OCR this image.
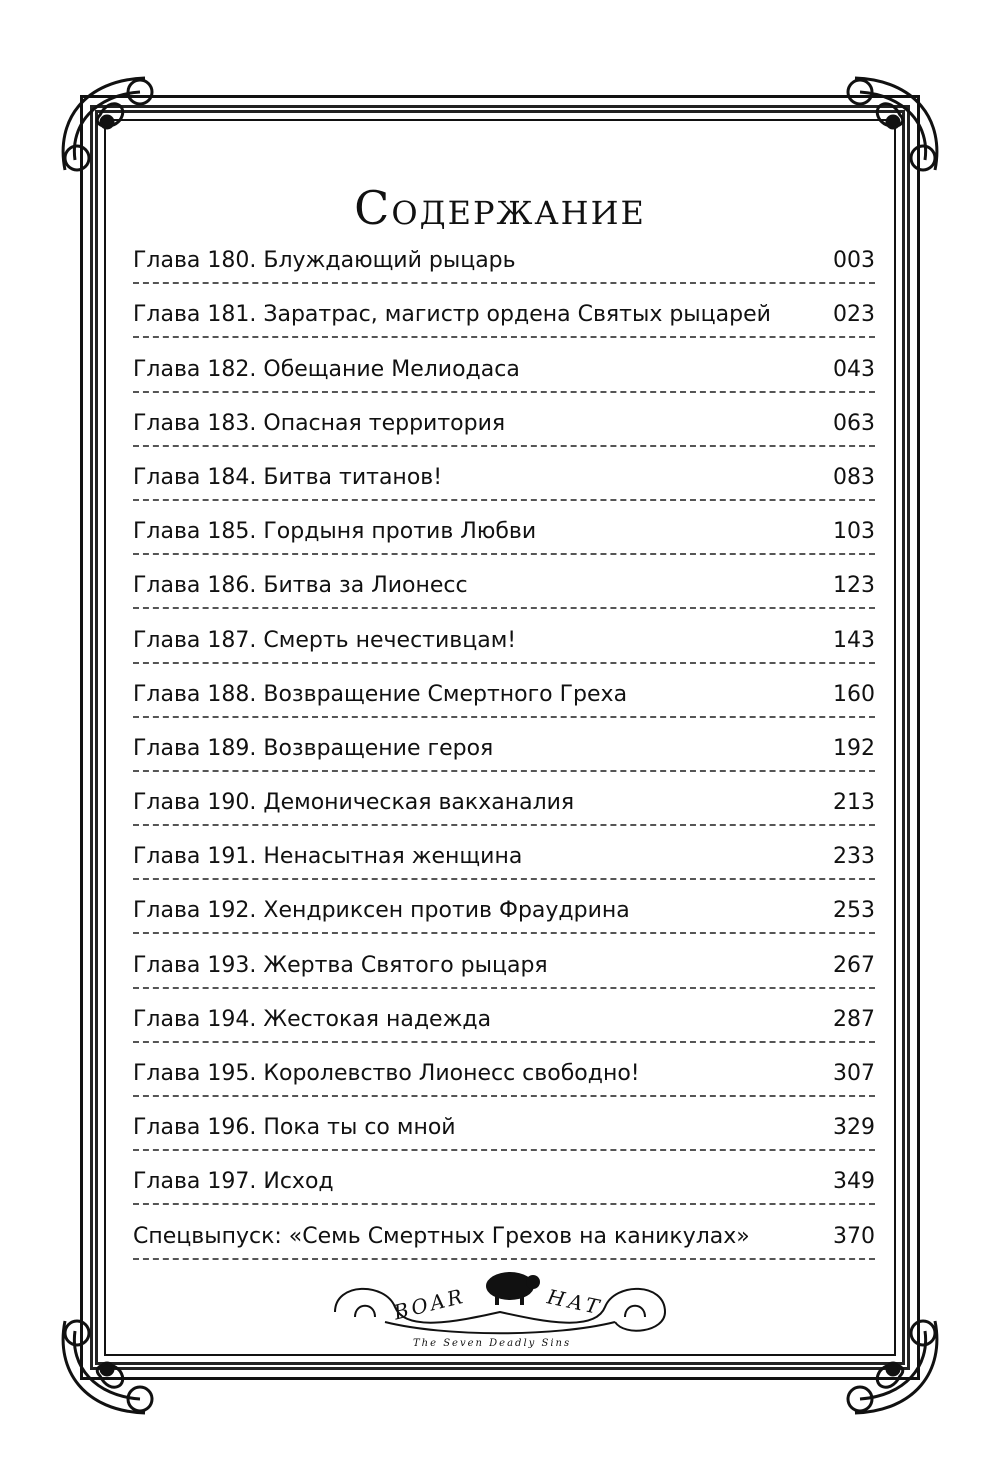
Содержание
Глава 180. Блуждающий рыцарь	003
Глава 181. Заратрас, магистр ордена Святых рыцарей	023
Глава 182. Обещание Мелиодаса	043
Глава 183. Опасная территория	063
Глава 184. Битва титанов!	083
Глава 185. Гордыня против Любви	103
Глава 186. Битва за Лионесс	123
Глава 187. Смерть нечестивцам!	143
Глава 188. Возвращение Смертного Греха	160
Глава 189. Возвращение героя	192
Глава 190. Демоническая вакханалия	213
Глава 191. Ненасытная женщина	233
Глава 192. Хендриксен против Фраудрина	253
Глава 193. Жертва Святого рыцаря	267
Глава 194. Жестокая надежда	287
Глава 195. Королевство Лионесс свободно!	307
Глава 196. Пока ты со мной	329
Глава 197. Исход	349
Спецвыпуск: «Семь Смертных Грехов на каникулах»	370
BOAR	HAT
The Seven Deadly Sins
